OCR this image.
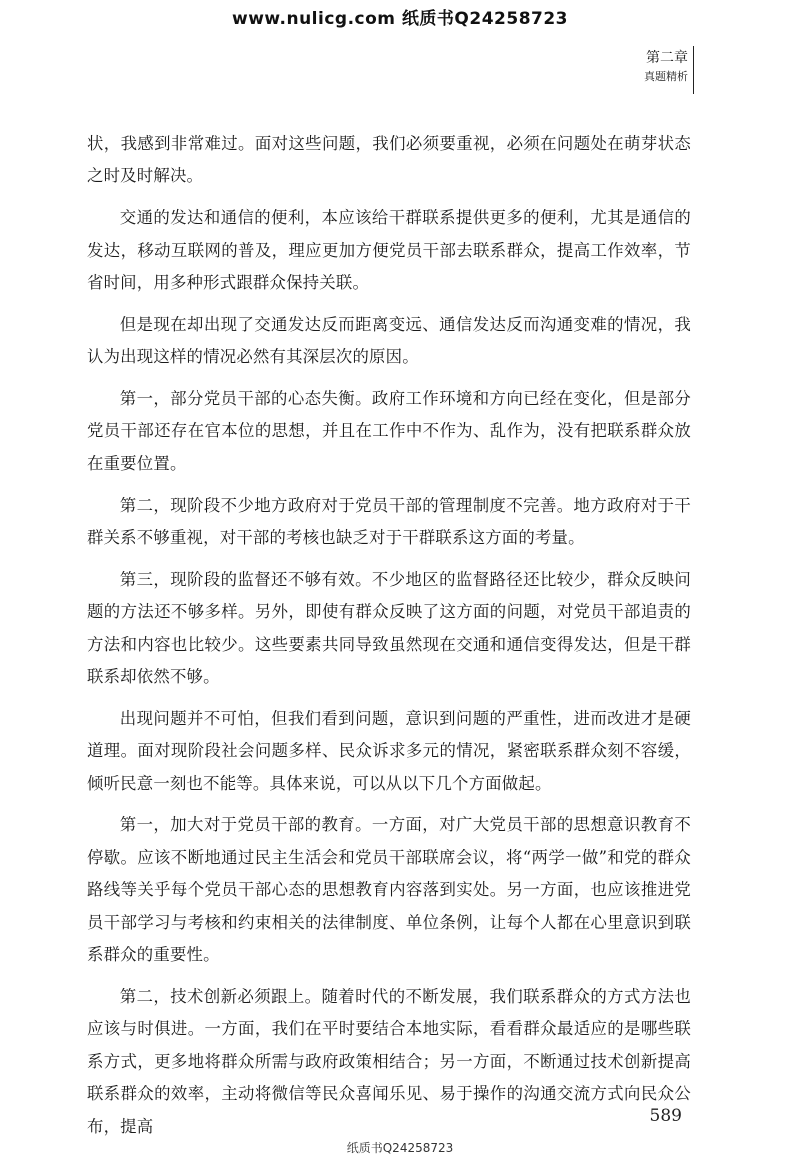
www.nulicg.com 纸质书Q24258723
第二章
真题精析

状，我感到非常难过。面对这些问题，我们必须要重视，必须在问题处在萌芽状态之时及时解决。

交通的发达和通信的便利，本应该给干群联系提供更多的便利，尤其是通信的发达，移动互联网的普及，理应更加方便党员干部去联系群众，提高工作效率，节省时间，用多种形式跟群众保持关联。

但是现在却出现了交通发达反而距离变远、通信发达反而沟通变难的情况，我认为出现这样的情况必然有其深层次的原因。

第一，部分党员干部的心态失衡。政府工作环境和方向已经在变化，但是部分党员干部还存在官本位的思想，并且在工作中不作为、乱作为，没有把联系群众放在重要位置。

第二，现阶段不少地方政府对于党员干部的管理制度不完善。地方政府对于干群关系不够重视，对干部的考核也缺乏对于干群联系这方面的考量。

第三，现阶段的监督还不够有效。不少地区的监督路径还比较少，群众反映问题的方法还不够多样。另外，即使有群众反映了这方面的问题，对党员干部追责的方法和内容也比较少。这些要素共同导致虽然现在交通和通信变得发达，但是干群联系却依然不够。

出现问题并不可怕，但我们看到问题，意识到问题的严重性，进而改进才是硬道理。面对现阶段社会问题多样、民众诉求多元的情况，紧密联系群众刻不容缓，倾听民意一刻也不能等。具体来说，可以从以下几个方面做起。

第一，加大对于党员干部的教育。一方面，对广大党员干部的思想意识教育不停歇。应该不断地通过民主生活会和党员干部联席会议，将“两学一做”和党的群众路线等关乎每个党员干部心态的思想教育内容落到实处。另一方面，也应该推进党员干部学习与考核和约束相关的法律制度、单位条例，让每个人都在心里意识到联系群众的重要性。

第二，技术创新必须跟上。随着时代的不断发展，我们联系群众的方式方法也应该与时俱进。一方面，我们在平时要结合本地实际，看看群众最适应的是哪些联系方式，更多地将群众所需与政府政策相结合；另一方面，不断通过技术创新提高联系群众的效率，主动将微信等民众喜闻乐见、易于操作的沟通交流方式向民众公布，提高	589
纸质书Q24258723
